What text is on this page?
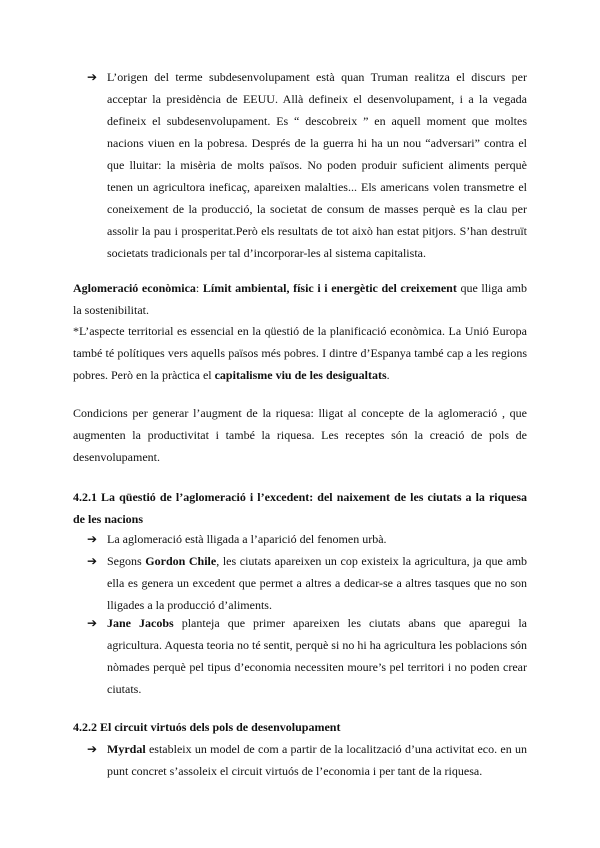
➔ L’origen del terme subdesenvolupament està quan Truman realitza el discurs per acceptar la presidència de EEUU. Allà defineix el desenvolupament, i a la vegada defineix el subdesenvolupament. Es “ descobreix ” en aquell moment que moltes nacions viuen en la pobresa. Després de la guerra hi ha un nou “adversari” contra el que lluitar: la misèria de molts països. No poden produir suficient aliments perquè tenen un agricultora ineficaç, apareixen malalties... Els americans volen transmetre el coneixement de la producció, la societat de consum de masses perquè es la clau per assolir la pau i prosperitat.Però els resultats de tot això han estat pitjors. S’han destruït societats tradicionals per tal d’incorporar-les al sistema capitalista.

Aglomeració econòmica: Límit ambiental, físic i i energètic del creixement que lliga amb la sostenibilitat.

*L’aspecte territorial es essencial en la qüestió de la planificació econòmica. La Unió Europa també té polítiques vers aquells països més pobres. I dintre d’Espanya també cap a les regions pobres. Però en la pràctica el capitalisme viu de les desigualtats.

Condicions per generar l’augment de la riquesa: lligat al concepte de la aglomeració , que augmenten la productivitat i també la riquesa. Les receptes són la creació de pols de desenvolupament.

4.2.1 La qüestió de l’aglomeració i l’excedent: del naixement de les ciutats a la riquesa de les nacions

➔ La aglomeració està lligada a l’aparició del fenomen urbà.
➔ Segons Gordon Chile, les ciutats apareixen un cop existeix la agricultura, ja que amb ella es genera un excedent que permet a altres a dedicar-se a altres tasques que no son lligades a la producció d’aliments.
➔ Jane Jacobs planteja que primer apareixen les ciutats abans que aparegui la agricultura. Aquesta teoria no té sentit, perquè si no hi ha agricultura les poblacions són nòmades perquè pel tipus d’economia necessiten moure’s pel territori i no poden crear ciutats.

4.2.2 El circuit virtuós dels pols de desenvolupament

➔ Myrdal estableix un model de com a partir de la localització d’una activitat eco. en un punt concret s’assoleix el circuit virtuós de l’economia i per tant de la riquesa.
